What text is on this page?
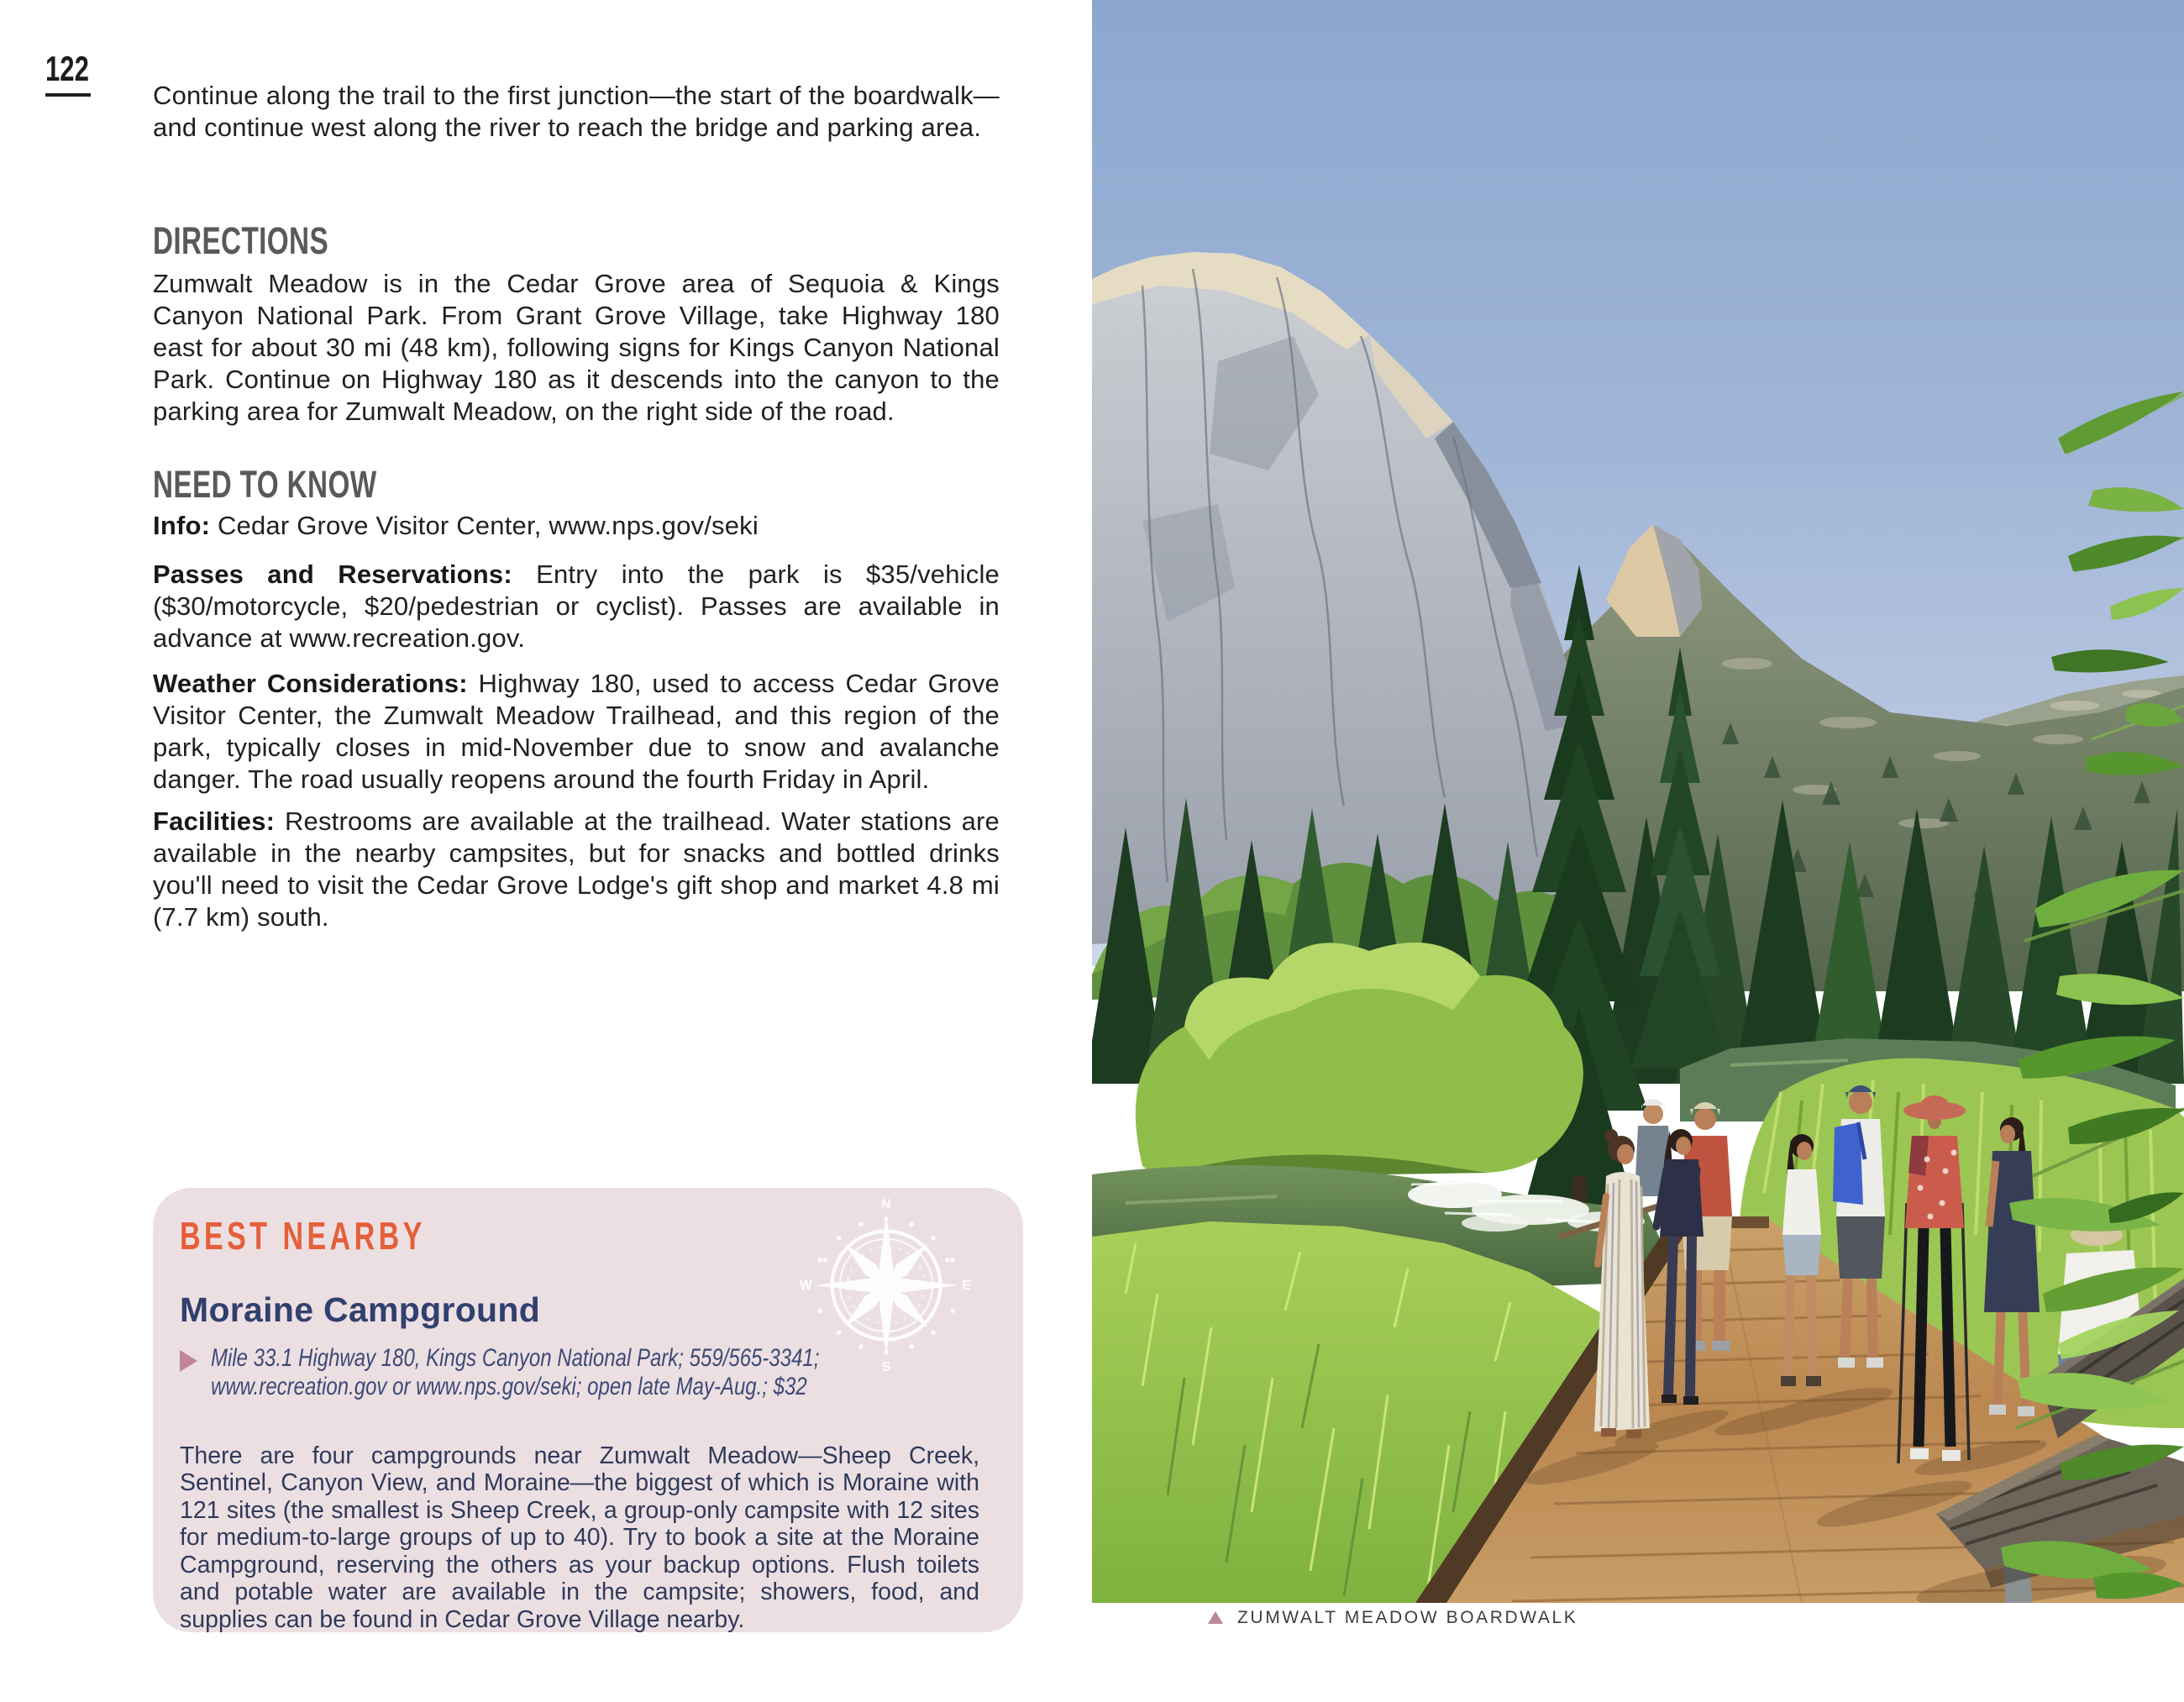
122

Continue along the trail to the first junction—the start of the boardwalk—and continue west along the river to reach the bridge and parking area.

DIRECTIONS

Zumwalt Meadow is in the Cedar Grove area of Sequoia & Kings Canyon National Park. From Grant Grove Village, take Highway 180 east for about 30 mi (48 km), following signs for Kings Canyon National Park. Continue on Highway 180 as it descends into the canyon to the parking area for Zumwalt Meadow, on the right side of the road.

NEED TO KNOW

Info: Cedar Grove Visitor Center, www.nps.gov/seki

Passes and Reservations: Entry into the park is $35/vehicle ($30/motorcycle, $20/pedestrian or cyclist). Passes are available in advance at www.recreation.gov.

Weather Considerations: Highway 180, used to access Cedar Grove Visitor Center, the Zumwalt Meadow Trailhead, and this region of the park, typically closes in mid-November due to snow and avalanche danger. The road usually reopens around the fourth Friday in April.

Facilities: Restrooms are available at the trailhead. Water stations are available in the nearby campsites, but for snacks and bottled drinks you'll need to visit the Cedar Grove Lodge's gift shop and market 4.8 mi (7.7 km) south.

N
E
S
W
BEST NEARBY
Moraine Campground
Mile 33.1 Highway 180, Kings Canyon National Park; 559/565-3341;
www.recreation.gov or www.nps.gov/seki; open late May-Aug.; $32

There are four campgrounds near Zumwalt Meadow—Sheep Creek, Sentinel, Canyon View, and Moraine—the biggest of which is Moraine with 121 sites (the smallest is Sheep Creek, a group-only campsite with 12 sites for medium-to-large groups of up to 40). Try to book a site at the Moraine Campground, reserving the others as your backup options. Flush toilets and potable water are available in the campsite; showers, food, and supplies can be found in Cedar Grove Village nearby.	ZUMWALT MEADOW BOARDWALK
